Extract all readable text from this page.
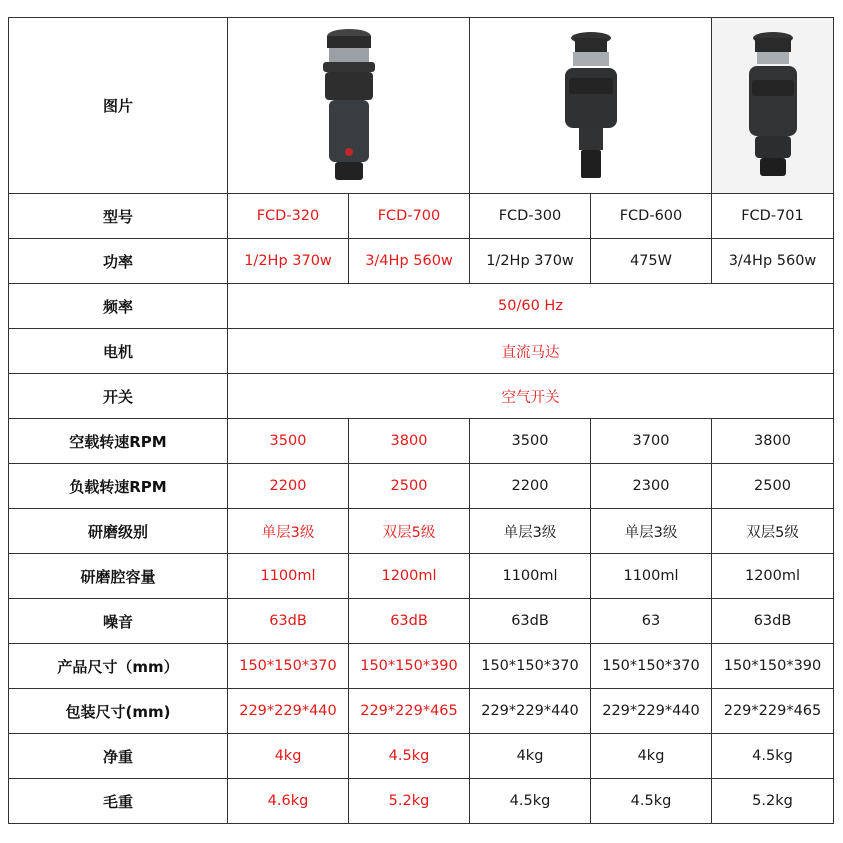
图片	

型号	FCD-320	FCD-700	FCD-300	FCD-600	FCD-701
功率	1/2Hp 370w	3/4Hp 560w	1/2Hp 370w	475W	3/4Hp 560w
频率	50/60 Hz				
电机	直流马达				
开关	空气开关				
空载转速RPM	3500	3800	3500	3700	3800
负载转速RPM	2200	2500	2200	2300	2500
研磨级别	单层3级	双层5级	单层3级	单层3级	双层5级
研磨腔容量	1100ml	1200ml	1100ml	1100ml	1200ml
噪音	63dB	63dB	63dB	63	63dB
产品尺寸（mm）	150*150*370	150*150*390	150*150*370	150*150*370	150*150*390
包装尺寸(mm)	229*229*440	229*229*465	229*229*440	229*229*440	229*229*465
净重	4kg	4.5kg	4kg	4kg	4.5kg
毛重	4.6kg	5.2kg	4.5kg	4.5kg	5.2kg
